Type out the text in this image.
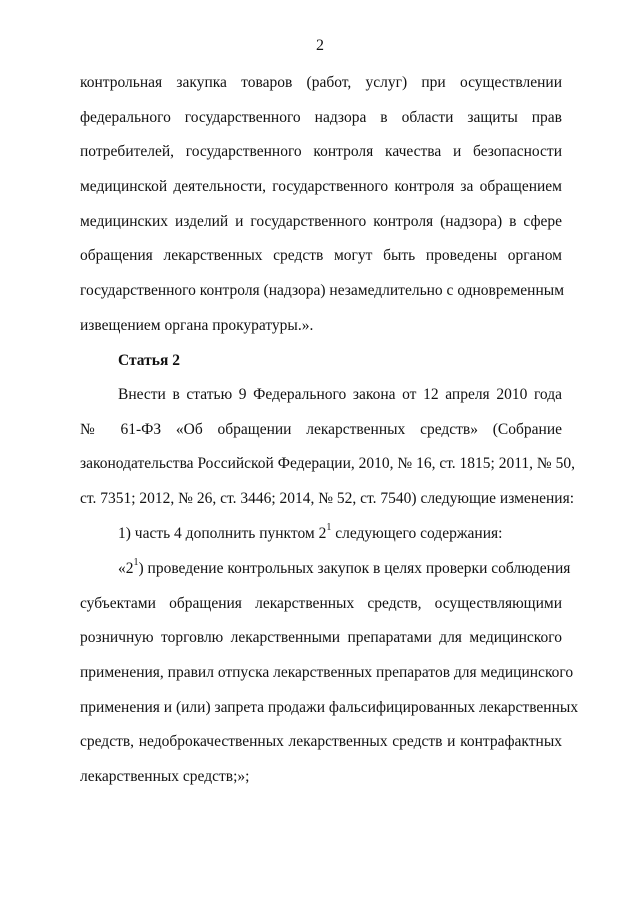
2
контрольная закупка товаров (работ, услуг) при осуществлении
федерального государственного надзора в области защиты прав
потребителей, государственного контроля качества и безопасности
медицинской деятельности, государственного контроля за обращением
медицинских изделий и государственного контроля (надзора) в сфере
обращения лекарственных средств могут быть проведены органом
государственного контроля (надзора) незамедлительно с одновременным
извещением органа прокуратуры.».
Статья 2
Внести в статью 9 Федерального закона от 12 апреля 2010 года
№ 61-ФЗ «Об обращении лекарственных средств» (Собрание
законодательства Российской Федерации, 2010, № 16, ст. 1815; 2011, № 50,
ст. 7351; 2012, № 26, ст. 3446; 2014, № 52, ст. 7540) следующие изменения:
1) часть 4 дополнить пунктом $2^1$ следующего содержания:
«$2^1$) проведение контрольных закупок в целях проверки соблюдения
субъектами обращения лекарственных средств, осуществляющими
розничную торговлю лекарственными препаратами для медицинского
применения, правил отпуска лекарственных препаратов для медицинского
применения и (или) запрета продажи фальсифицированных лекарственных
средств, недоброкачественных лекарственных средств и контрафактных
лекарственных средств;»;
